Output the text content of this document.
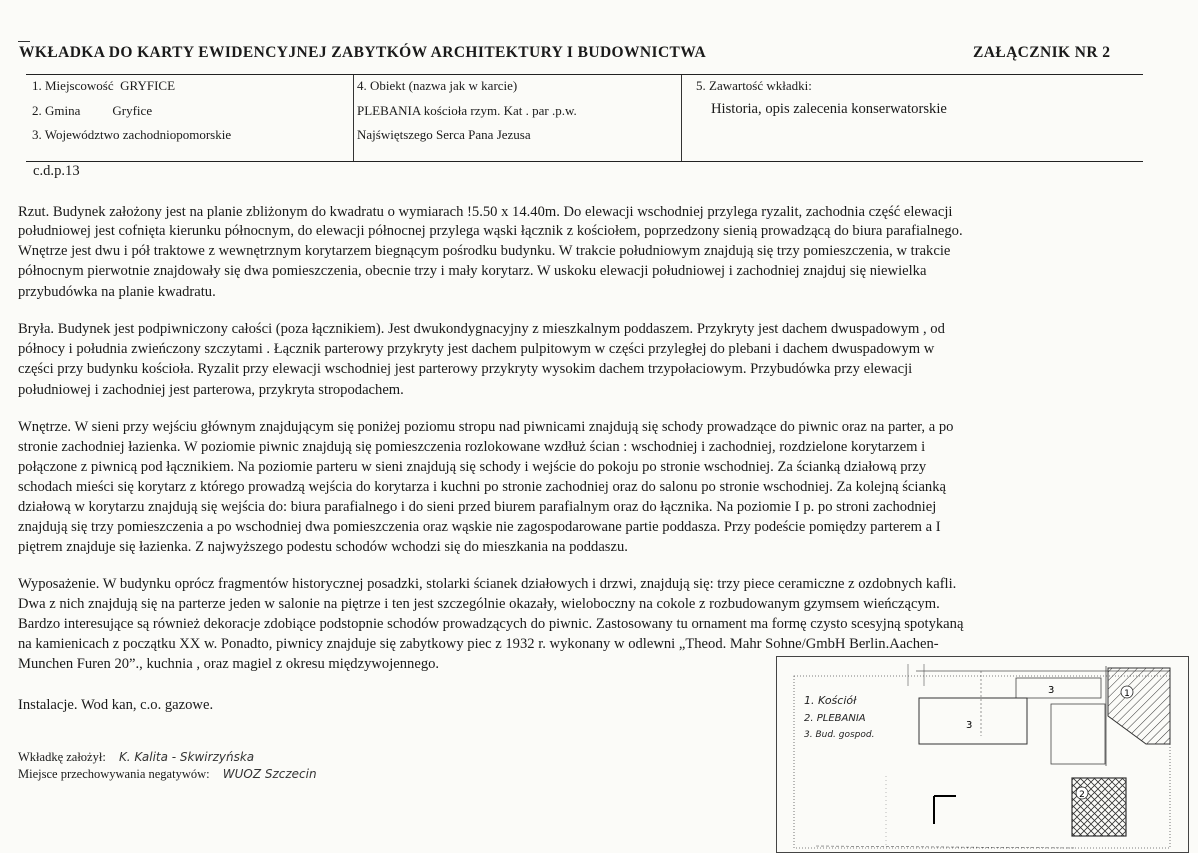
WKŁADKA DO KARTY EWIDENCYJNEJ ZABYTKÓW ARCHITEKTURY I BUDOWNICTWA	ZAŁĄCZNIK NR 2
1. Miejscowość GRYFICE
2. Gmina Gryfice
3. Województwo zachodniopomorskie
4. Obiekt (nazwa jak w karcie)
PLEBANIA kościoła rzym. Kat . par .p.w.
Najświętszego Serca Pana Jezusa
5. Zawartość wkładki:
Historia, opis zalecenia konserwatorskie
c.d.p.13
Rzut. Budynek założony jest na planie zbliżonym do kwadratu o wymiarach !5.50 x 14.40m. Do elewacji wschodniej przylega ryzalit, zachodnia część elewacji
południowej jest cofnięta kierunku północnym, do elewacji północnej przylega wąski łącznik z kościołem, poprzedzony sienią prowadzącą do biura parafialnego.
Wnętrze jest dwu i pół traktowe z wewnętrznym korytarzem biegnącym pośrodku budynku. W trakcie południowym znajdują się trzy pomieszczenia, w trakcie
północnym pierwotnie znajdowały się dwa pomieszczenia, obecnie trzy i mały korytarz. W uskoku elewacji południowej i zachodniej znajduj się niewielka
przybudówka na planie kwadratu.
Bryła. Budynek jest podpiwniczony całości (poza łącznikiem). Jest dwukondygnacyjny z mieszkalnym poddaszem. Przykryty jest dachem dwuspadowym , od
północy i południa zwieńczony szczytami . Łącznik parterowy przykryty jest dachem pulpitowym w części przyległej do plebani i dachem dwuspadowym w
części przy budynku kościoła. Ryzalit przy elewacji wschodniej jest parterowy przykryty wysokim dachem trzypołaciowym. Przybudówka przy elewacji
południowej i zachodniej jest parterowa, przykryta stropodachem.
Wnętrze. W sieni przy wejściu głównym znajdującym się poniżej poziomu stropu nad piwnicami znajdują się schody prowadzące do piwnic oraz na parter, a po
stronie zachodniej łazienka. W poziomie piwnic znajdują się pomieszczenia rozlokowane wzdłuż ścian : wschodniej i zachodniej, rozdzielone korytarzem i
połączone z piwnicą pod łącznikiem. Na poziomie parteru w sieni znajdują się schody i wejście do pokoju po stronie wschodniej. Za ścianką działową przy
schodach mieści się korytarz z którego prowadzą wejścia do korytarza i kuchni po stronie zachodniej oraz do salonu po stronie wschodniej. Za kolejną ścianką
działową w korytarzu znajdują się wejścia do: biura parafialnego i do sieni przed biurem parafialnym oraz do łącznika. Na poziomie I p. po stroni zachodniej
znajdują się trzy pomieszczenia a po wschodniej dwa pomieszczenia oraz wąskie nie zagospodarowane partie poddasza. Przy podeście pomiędzy parterem a I
piętrem znajduje się łazienka. Z najwyższego podestu schodów wchodzi się do mieszkania na poddaszu.
Wyposażenie. W budynku oprócz fragmentów historycznej posadzki, stolarki ścianek działowych i drzwi, znajdują się: trzy piece ceramiczne z ozdobnych kafli.
Dwa z nich znajdują się na parterze jeden w salonie na piętrze i ten jest szczególnie okazały, wieloboczny na cokole z rozbudowanym gzymsem wieńczącym.
Bardzo interesujące są również dekoracje zdobiące podstopnie schodów prowadzących do piwnic. Zastosowany tu ornament ma formę czysto scesyjną spotykaną
na kamienicach z początku XX w. Ponadto, piwnicy znajduje się zabytkowy piec z 1932 r. wykonany w odlewni „Theod. Mahr Sohne/GmbH Berlin.Aachen-
Munchen Furen 20”., kuchnia , oraz magiel z okresu międzywojennego.
Instalacje. Wod kan, c.o. gazowe.
Wkładkę założył: K. Kalita - Skwirzyńska
Miejsce przechowywania negatywów: WUOZ Szczecin
1
2
3
3
1. Kościół
2. PLEBANIA
3. Bud. gospod.
